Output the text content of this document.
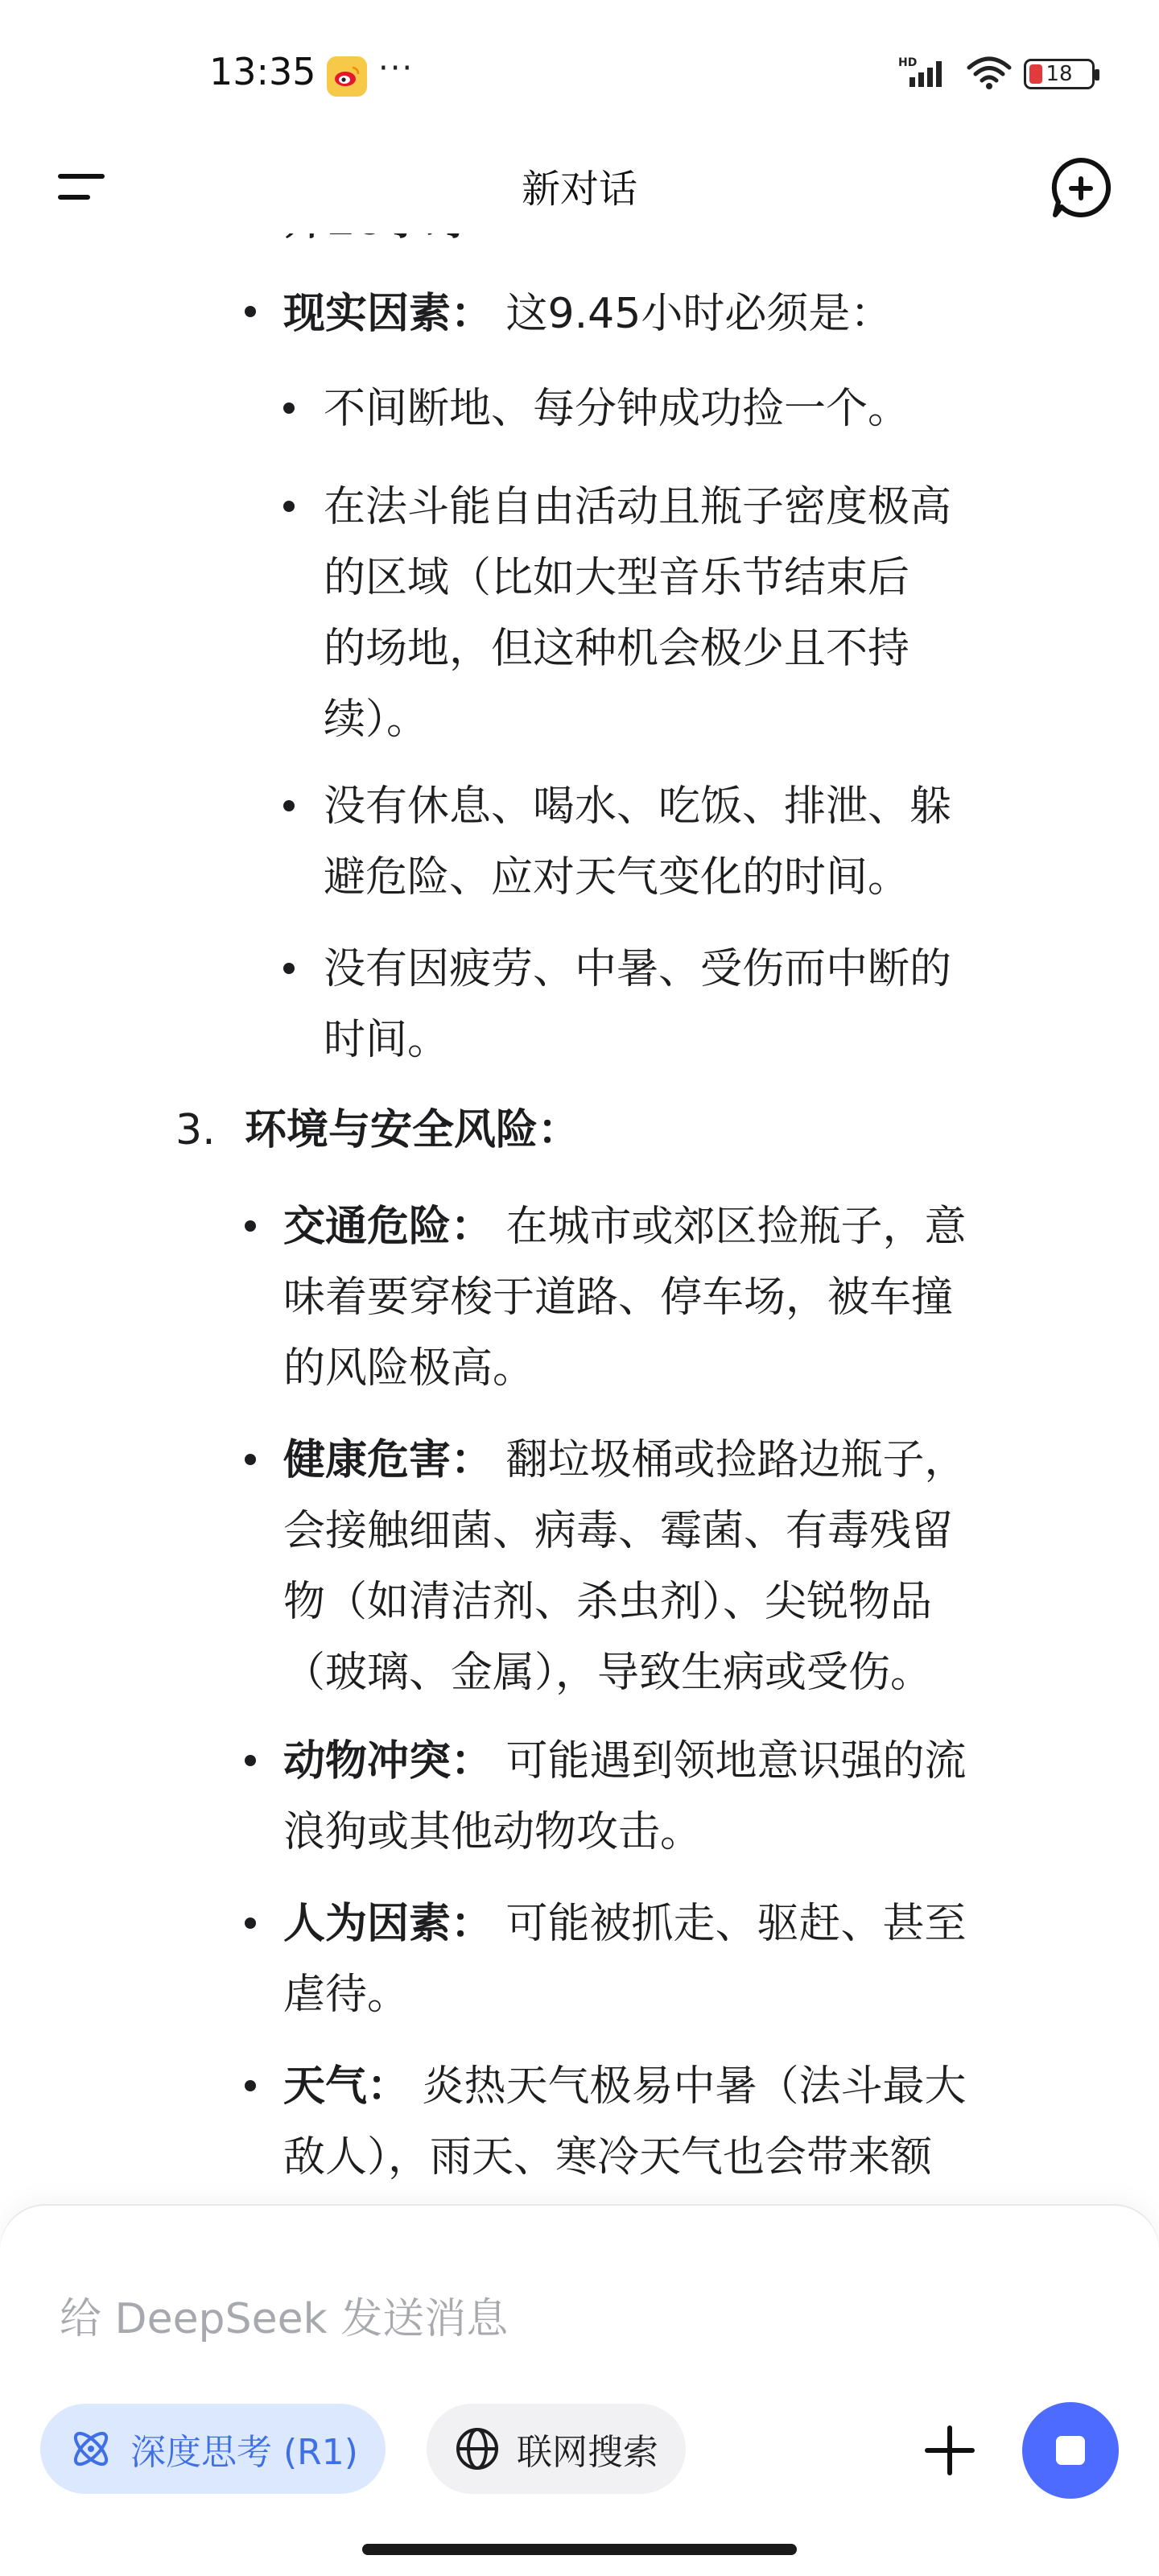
13:35 ···	HD	18
新对话
现实因素： 这9.45小时必须是：
不间断地、每分钟成功捡一个。
在法斗能自由活动且瓶子密度极高
的区域（比如大型音乐节结束后
的场地，但这种机会极少且不持
续）。
没有休息、喝水、吃饭、排泄、躲
避危险、应对天气变化的时间。
没有因疲劳、中暑、受伤而中断的
时间。
3. 环境与安全风险：
交通危险： 在城市或郊区捡瓶子，意
味着要穿梭于道路、停车场，被车撞
的风险极高。
健康危害： 翻垃圾桶或捡路边瓶子，
会接触细菌、病毒、霉菌、有毒残留
物（如清洁剂、杀虫剂）、尖锐物品
（玻璃、金属），导致生病或受伤。
动物冲突： 可能遇到领地意识强的流
浪狗或其他动物攻击。
人为因素： 可能被抓走、驱赶、甚至
虐待。
天气： 炎热天气极易中暑（法斗最大
敌人），雨天、寒冷天气也会带来额
给 DeepSeek 发送消息
深度思考 (R1)	联网搜索
